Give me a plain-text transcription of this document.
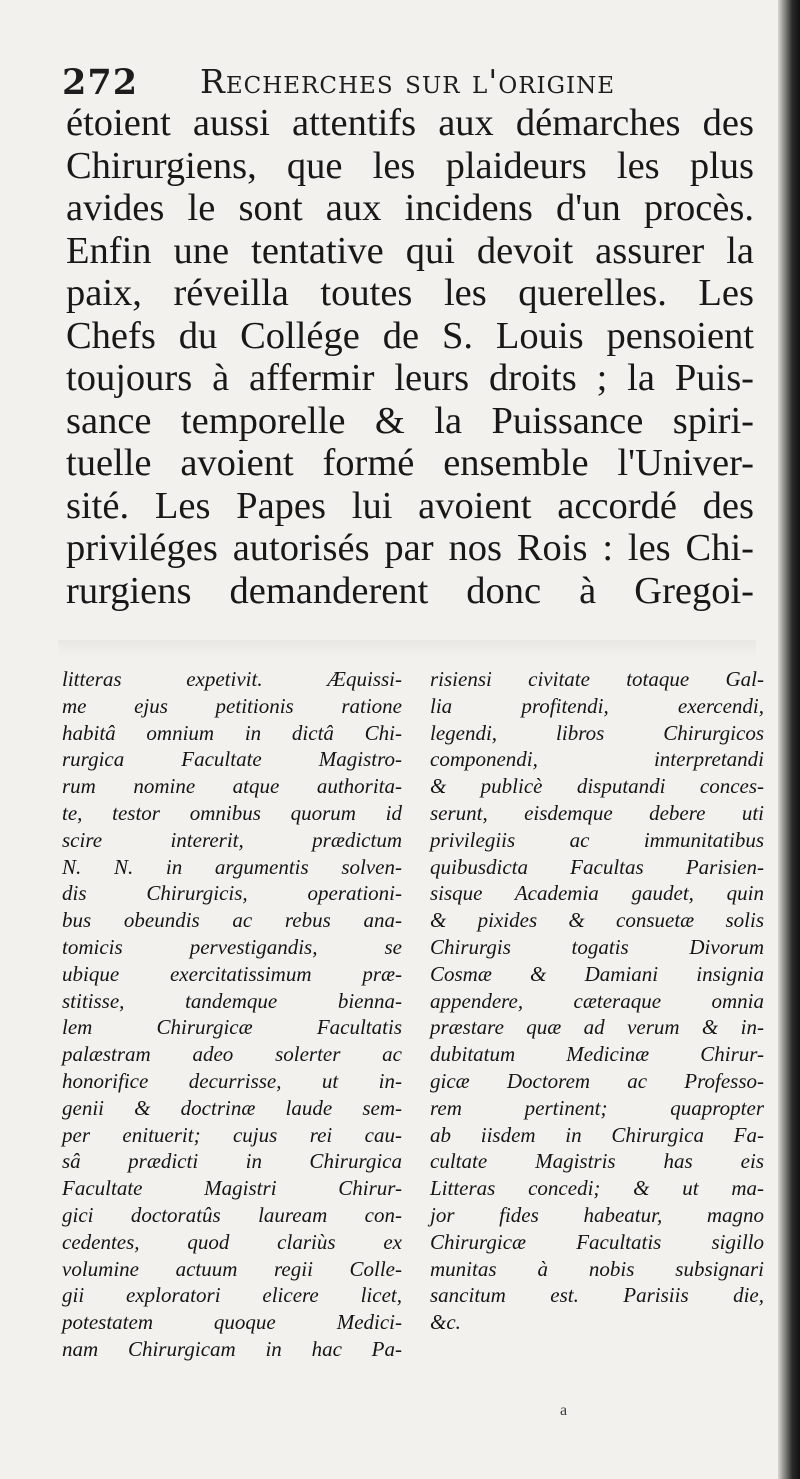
272 Recherches sur l'origine
étoient aussi attentifs aux démarches des
Chirurgiens, que les plaideurs les plus
avides le sont aux incidens d'un procès.
Enfin une tentative qui devoit assurer la
paix, réveilla toutes les querelles. Les
Chefs du Collége de S. Louis pensoient
toujours à affermir leurs droits ; la Puis-
sance temporelle & la Puissance spiri-
tuelle avoient formé ensemble l'Univer-
sité. Les Papes lui avoient accordé des
priviléges autorisés par nos Rois : les Chi-
rurgiens demanderent donc à Gregoi-
litteras expetivit. Æquissi-
me ejus petitionis ratione
habitâ omnium in dictâ Chi-
rurgica Facultate Magistro-
rum nomine atque authorita-
te, testor omnibus quorum id
scire intererit, prædictum
N. N. in argumentis solven-
dis Chirurgicis, operationi-
bus obeundis ac rebus ana-
tomicis pervestigandis, se
ubique exercitatissimum præ-
stitisse, tandemque bienna-
lem Chirurgicæ Facultatis
palæstram adeo solerter ac
honorifice decurrisse, ut in-
genii & doctrinæ laude sem-
per enituerit; cujus rei cau-
sâ prædicti in Chirurgica
Facultate Magistri Chirur-
gici doctoratûs lauream con-
cedentes, quod clariùs ex
volumine actuum regii Colle-
gii exploratori elicere licet,
potestatem quoque Medici-
nam Chirurgicam in hac Pa-
risiensi civitate totaque Gal-
lia profitendi, exercendi,
legendi, libros Chirurgicos
componendi, interpretandi
& publicè disputandi conces-
serunt, eisdemque debere uti
privilegiis ac immunitatibus
quibusdicta Facultas Parisien-
sisque Academia gaudet, quin
& pixides & consuetæ solis
Chirurgis togatis Divorum
Cosmæ & Damiani insignia
appendere, cæteraque omnia
præstare quæ ad verum & in-
dubitatum Medicinæ Chirur-
gicæ Doctorem ac Professo-
rem pertinent; quapropter
ab iisdem in Chirurgica Fa-
cultate Magistris has eis
Litteras concedi; & ut ma-
jor fides habeatur, magno
Chirurgicæ Facultatis sigillo
munitas à nobis subsignari
sancitum est. Parisiis die,
&c.
a
